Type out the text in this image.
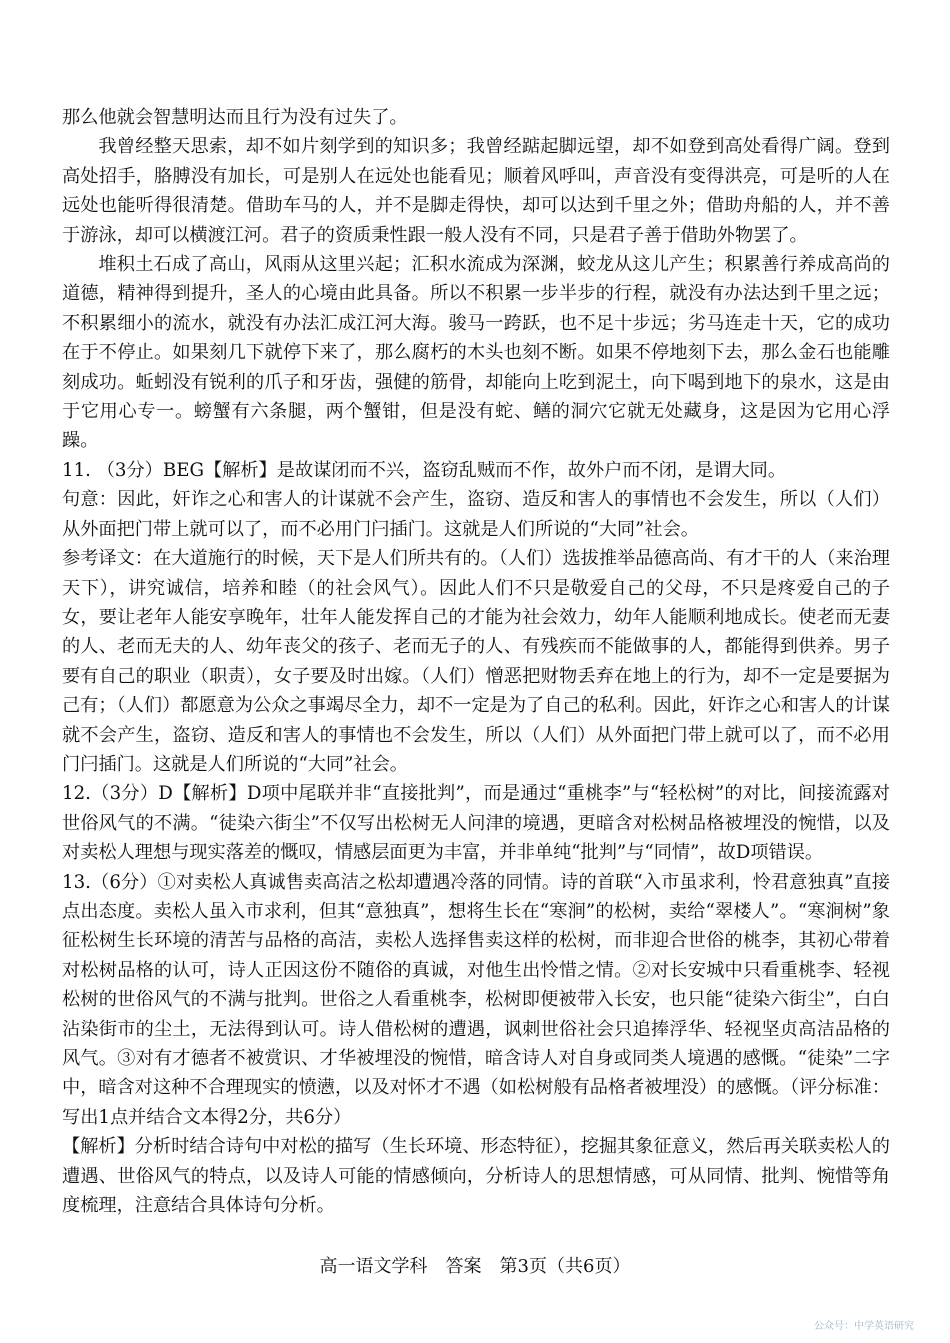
那么他就会智慧明达而且行为没有过失了。

我曾经整天思索，却不如片刻学到的知识多；我曾经踮起脚远望，却不如登到高处看得广阔。登到高处招手，胳膊没有加长，可是别人在远处也能看见；顺着风呼叫，声音没有变得洪亮，可是听的人在远处也能听得很清楚。借助车马的人，并不是脚走得快，却可以达到千里之外；借助舟船的人，并不善于游泳，却可以横渡江河。君子的资质秉性跟一般人没有不同，只是君子善于借助外物罢了。

堆积土石成了高山，风雨从这里兴起；汇积水流成为深渊，蛟龙从这儿产生；积累善行养成高尚的道德，精神得到提升，圣人的心境由此具备。所以不积累一步半步的行程，就没有办法达到千里之远；不积累细小的流水，就没有办法汇成江河大海。骏马一跨跃，也不足十步远；劣马连走十天，它的成功在于不停止。如果刻几下就停下来了，那么腐朽的木头也刻不断。如果不停地刻下去，那么金石也能雕刻成功。蚯蚓没有锐利的爪子和牙齿，强健的筋骨，却能向上吃到泥土，向下喝到地下的泉水，这是由于它用心专一。螃蟹有六条腿，两个蟹钳，但是没有蛇、鳝的洞穴它就无处藏身，这是因为它用心浮躁。

11. （3分）BEG【解析】是故谋闭而不兴，盗窃乱贼而不作，故外户而不闭，是谓大同。

句意：因此，奸诈之心和害人的计谋就不会产生，盗窃、造反和害人的事情也不会发生，所以（人们）从外面把门带上就可以了，而不必用门闩插门。这就是人们所说的“大同”社会。

参考译文：在大道施行的时候，天下是人们所共有的。（人们）选拔推举品德高尚、有才干的人（来治理天下），讲究诚信，培养和睦（的社会风气）。因此人们不只是敬爱自己的父母，不只是疼爱自己的子女，要让老年人能安享晚年，壮年人能发挥自己的才能为社会效力，幼年人能顺利地成长。使老而无妻的人、老而无夫的人、幼年丧父的孩子、老而无子的人、有残疾而不能做事的人，都能得到供养。男子要有自己的职业（职责），女子要及时出嫁。（人们）憎恶把财物丢弃在地上的行为，却不一定是要据为己有；（人们）都愿意为公众之事竭尽全力，却不一定是为了自己的私利。因此，奸诈之心和害人的计谋就不会产生，盗窃、造反和害人的事情也不会发生，所以（人们）从外面把门带上就可以了，而不必用门闩插门。这就是人们所说的“大同”社会。

12.（3分）D【解析】D项中尾联并非“直接批判”，而是通过“重桃李”与“轻松树”的对比，间接流露对世俗风气的不满。“徒染六街尘”不仅写出松树无人问津的境遇，更暗含对松树品格被埋没的惋惜，以及对卖松人理想与现实落差的慨叹，情感层面更为丰富，并非单纯“批判”与“同情”，故D项错误。

13.（6分）①对卖松人真诚售卖高洁之松却遭遇冷落的同情。诗的首联“入市虽求利，怜君意独真”直接点出态度。卖松人虽入市求利，但其“意独真”，想将生长在“寒涧”的松树，卖给“翠楼人”。“寒涧树”象征松树生长环境的清苦与品格的高洁，卖松人选择售卖这样的松树，而非迎合世俗的桃李，其初心带着对松树品格的认可，诗人正因这份不随俗的真诚，对他生出怜惜之情。②对长安城中只看重桃李、轻视松树的世俗风气的不满与批判。世俗之人看重桃李，松树即便被带入长安，也只能“徒染六街尘”，白白沾染街市的尘土，无法得到认可。诗人借松树的遭遇，讽刺世俗社会只追捧浮华、轻视坚贞高洁品格的风气。③对有才德者不被赏识、才华被埋没的惋惜，暗含诗人对自身或同类人境遇的感慨。“徒染”二字中，暗含对这种不合理现实的愤懑，以及对怀才不遇（如松树般有品格者被埋没）的感慨。（评分标准：写出1点并结合文本得2分，共6分）

【解析】分析时结合诗句中对松的描写（生长环境、形态特征），挖掘其象征意义，然后再关联卖松人的遭遇、世俗风气的特点，以及诗人可能的情感倾向，分析诗人的思想情感，可从同情、批判、惋惜等角度梳理，注意结合具体诗句分析。

高一语文学科　答案　第3页（共6页）

公众号：中学英语研究
